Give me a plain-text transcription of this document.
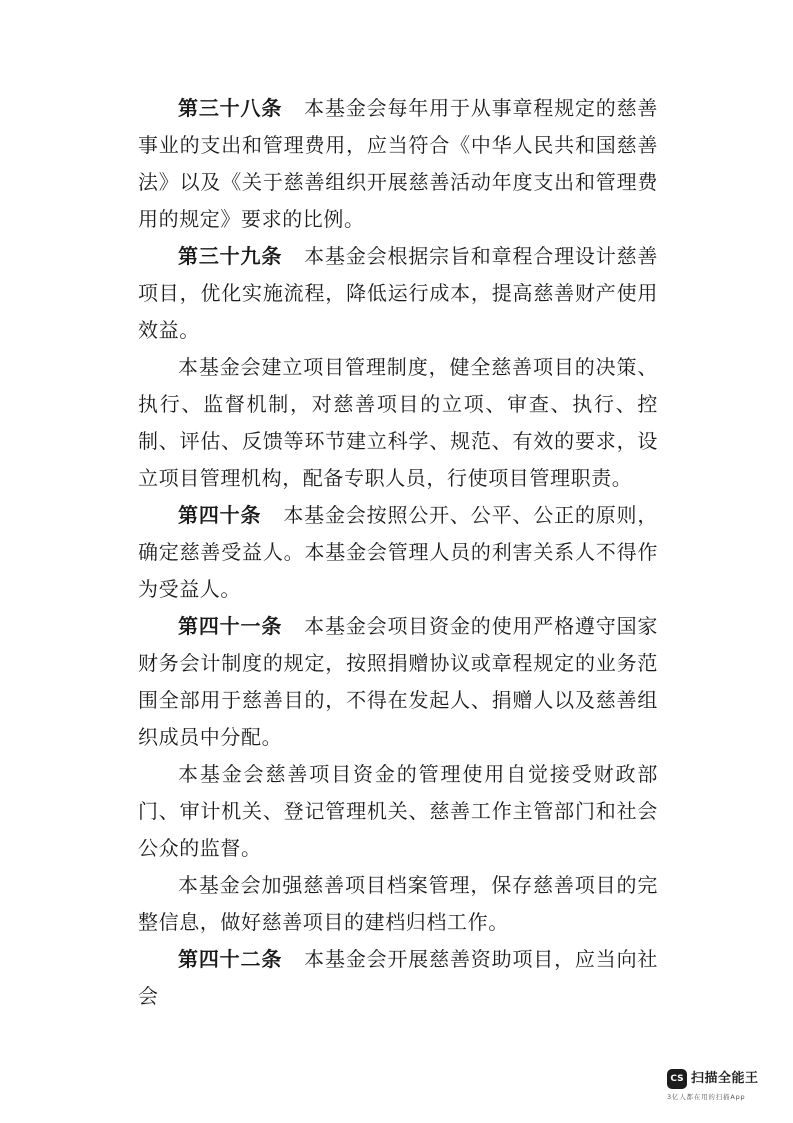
第三十八条 本基金会每年用于从事章程规定的慈善事业的支出和管理费用，应当符合《中华人民共和国慈善法》以及《关于慈善组织开展慈善活动年度支出和管理费用的规定》要求的比例。

第三十九条 本基金会根据宗旨和章程合理设计慈善项目，优化实施流程，降低运行成本，提高慈善财产使用效益。

本基金会建立项目管理制度，健全慈善项目的决策、执行、监督机制，对慈善项目的立项、审查、执行、控制、评估、反馈等环节建立科学、规范、有效的要求，设立项目管理机构，配备专职人员，行使项目管理职责。

第四十条 本基金会按照公开、公平、公正的原则，确定慈善受益人。本基金会管理人员的利害关系人不得作为受益人。

第四十一条 本基金会项目资金的使用严格遵守国家财务会计制度的规定，按照捐赠协议或章程规定的业务范围全部用于慈善目的，不得在发起人、捐赠人以及慈善组织成员中分配。

本基金会慈善项目资金的管理使用自觉接受财政部门、审计机关、登记管理机关、慈善工作主管部门和社会公众的监督。

本基金会加强慈善项目档案管理，保存慈善项目的完整信息，做好慈善项目的建档归档工作。

第四十二条 本基金会开展慈善资助项目，应当向社会

CS 扫描全能王
3亿人都在用的扫描App
